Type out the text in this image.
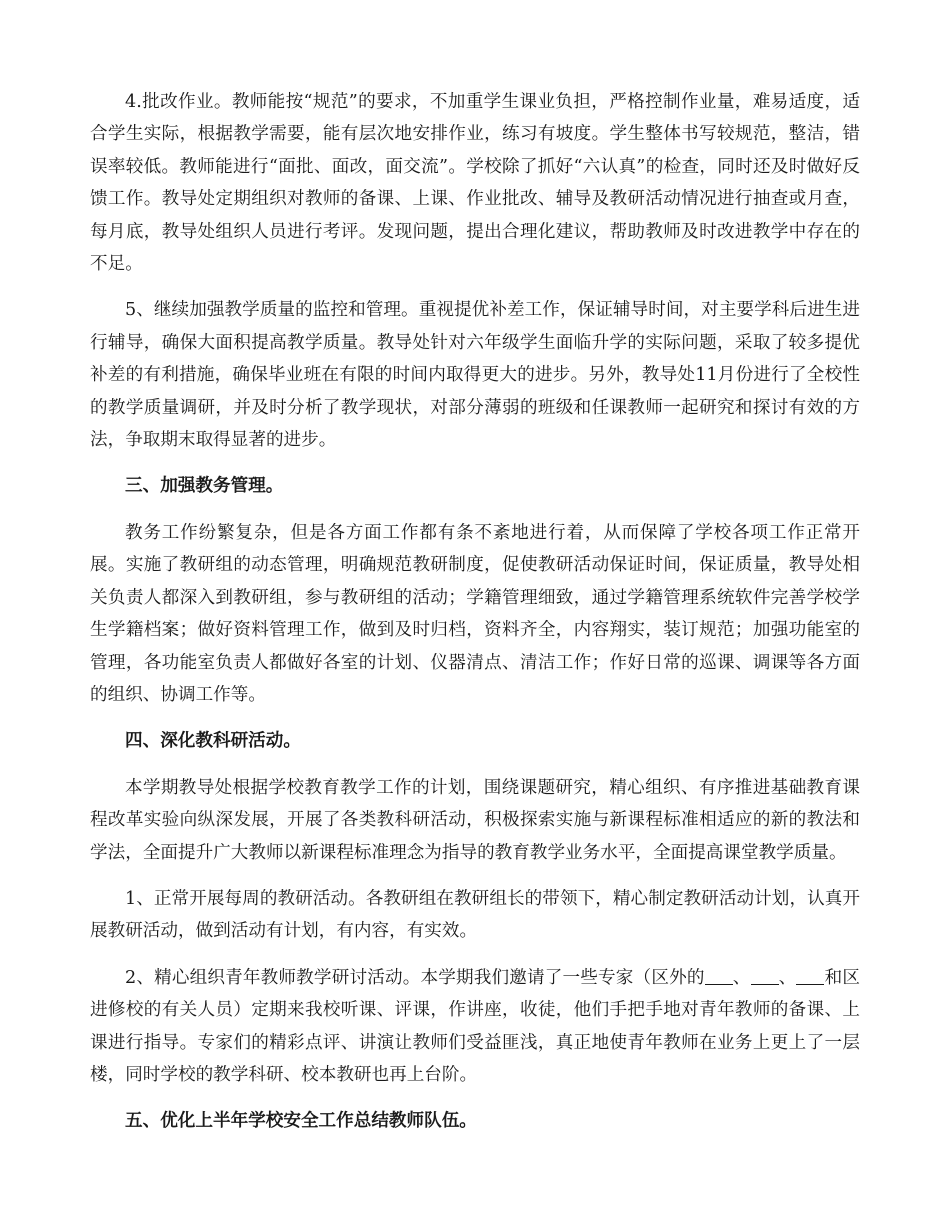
4.批改作业。教师能按“规范”的要求，不加重学生课业负担，严格控制作业量，难易适度，适合学生实际，根据教学需要，能有层次地安排作业，练习有坡度。学生整体书写较规范，整洁，错误率较低。教师能进行“面批、面改，面交流”。学校除了抓好“六认真”的检查，同时还及时做好反馈工作。教导处定期组织对教师的备课、上课、作业批改、辅导及教研活动情况进行抽查或月查，每月底，教导处组织人员进行考评。发现问题，提出合理化建议，帮助教师及时改进教学中存在的不足。

5、继续加强教学质量的监控和管理。重视提优补差工作，保证辅导时间，对主要学科后进生进行辅导，确保大面积提高教学质量。教导处针对六年级学生面临升学的实际问题，采取了较多提优补差的有利措施，确保毕业班在有限的时间内取得更大的进步。另外，教导处11月份进行了全校性的教学质量调研，并及时分析了教学现状，对部分薄弱的班级和任课教师一起研究和探讨有效的方法，争取期末取得显著的进步。

三、加强教务管理。

教务工作纷繁复杂，但是各方面工作都有条不紊地进行着，从而保障了学校各项工作正常开展。实施了教研组的动态管理，明确规范教研制度，促使教研活动保证时间，保证质量，教导处相关负责人都深入到教研组，参与教研组的活动；学籍管理细致，通过学籍管理系统软件完善学校学生学籍档案；做好资料管理工作，做到及时归档，资料齐全，内容翔实，装订规范；加强功能室的管理，各功能室负责人都做好各室的计划、仪器清点、清洁工作；作好日常的巡课、调课等各方面的组织、协调工作等。

四、深化教科研活动。

本学期教导处根据学校教育教学工作的计划，围绕课题研究，精心组织、有序推进基础教育课程改革实验向纵深发展，开展了各类教科研活动，积极探索实施与新课程标准相适应的新的教法和学法，全面提升广大教师以新课程标准理念为指导的教育教学业务水平，全面提高课堂教学质量。

1、正常开展每周的教研活动。各教研组在教研组长的带领下，精心制定教研活动计划，认真开展教研活动，做到活动有计划，有内容，有实效。

2、精心组织青年教师教学研讨活动。本学期我们邀请了一些专家（区外的 、 、 和区进修校的有关人员）定期来我校听课、评课，作讲座，收徒，他们手把手地对青年教师的备课、上课进行指导。专家们的精彩点评、讲演让教师们受益匪浅，真正地使青年教师在业务上更上了一层楼，同时学校的教学科研、校本教研也再上台阶。

五、优化上半年学校安全工作总结教师队伍。
